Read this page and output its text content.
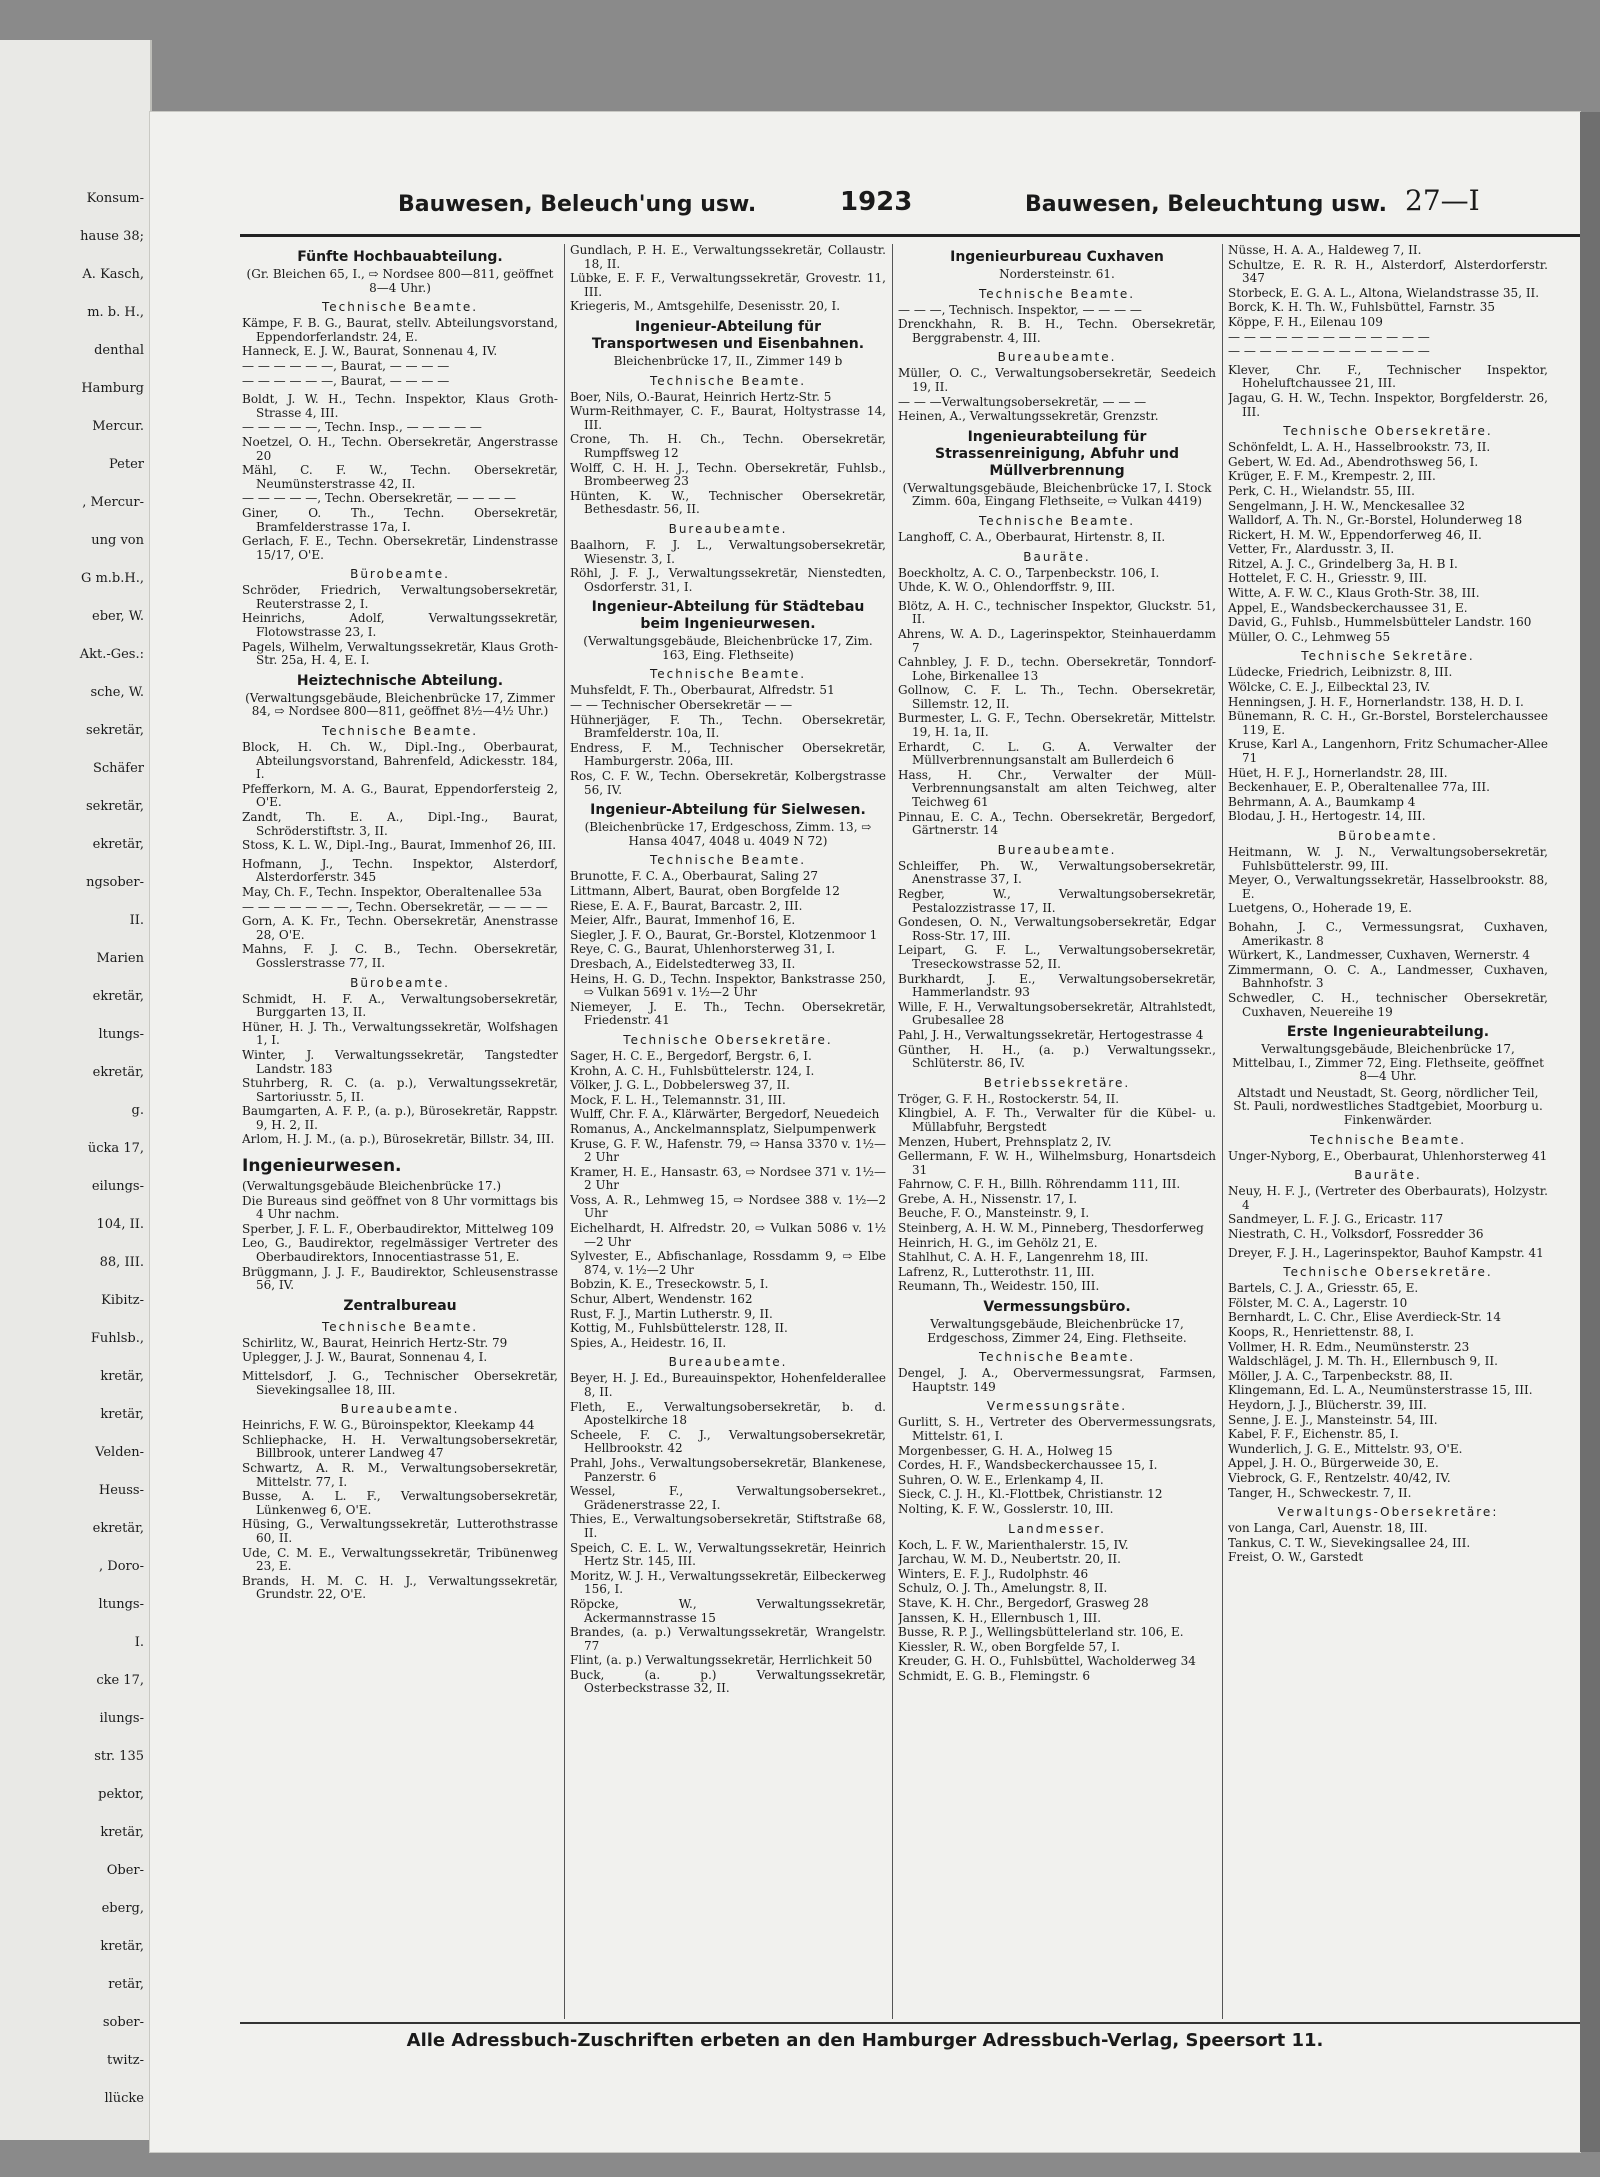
Konsum-
hause 38;
A. Kasch,
m. b. H.,
denthal
Hamburg
Mercur.
Peter
, Mercur-
ung von
G m.b.H.,
eber, W.
Akt.-Ges.:
sche, W.
sekretär,
Schäfer
sekretär,
ekretär,
ngsober-
II.
Marien
ekretär,
ltungs-
ekretär,
g.
ücka 17,
eilungs-
104, II.
88, III.
Kibitz-
Fuhlsb.,
kretär,
kretär,
Velden-
Heuss-
ekretär,
, Doro-
ltungs-
I.
cke 17,
ilungs-
str. 135
pektor,
kretär,
Ober-
eberg,
kretär,
retär,
sober-
twitz-
llücke
Bauwesen, Beleuch'ung usw.	1923	Bauwesen, Beleuchtung usw. 27—I
Fünfte Hochbauabteilung.
(Gr. Bleichen 65, I., ⇨ Nordsee 800—811, geöffnet 8—4 Uhr.)
Technische Beamte.
Kämpe, F. B. G., Baurat, stellv. Abteilungsvorstand, Eppendorferlandstr. 24, E.
Hanneck, E. J. W., Baurat, Sonnenau 4, IV.
— — — — — —, Baurat, — — — —
— — — — — —, Baurat, — — — —
Boldt, J. W. H., Techn. Inspektor, Klaus Groth-Strasse 4, III.
— — — — —, Techn. Insp., — — — — —
Noetzel, O. H., Techn. Obersekretär, Angerstrasse 20
Mähl, C. F. W., Techn. Obersekretär, Neumünsterstrasse 42, II.
— — — — —, Techn. Obersekretär, — — — —
Giner, O. Th., Techn. Obersekretär, Bramfelderstrasse 17a, I.
Gerlach, F. E., Techn. Obersekretär, Lindenstrasse 15/17, O'E.
Bürobeamte.
Schröder, Friedrich, Verwaltungsobersekretär, Reuterstrasse 2, I.
Heinrichs, Adolf, Verwaltungssekretär, Flotowstrasse 23, I.
Pagels, Wilhelm, Verwaltungssekretär, Klaus Groth-Str. 25a, H. 4, E. I.
Heiztechnische Abteilung.
(Verwaltungsgebäude, Bleichenbrücke 17, Zimmer 84, ⇨ Nordsee 800—811, geöffnet 8½—4½ Uhr.)
Technische Beamte.
Block, H. Ch. W., Dipl.-Ing., Oberbaurat, Abteilungsvorstand, Bahrenfeld, Adickesstr. 184, I.
Pfefferkorn, M. A. G., Baurat, Eppendorfersteig 2, O'E.
Zandt, Th. E. A., Dipl.-Ing., Baurat, Schröderstiftstr. 3, II.
Stoss, K. L. W., Dipl.-Ing., Baurat, Immenhof 26, III.
Hofmann, J., Techn. Inspektor, Alsterdorf, Alsterdorferstr. 345
May, Ch. F., Techn. Inspektor, Oberaltenallee 53a
— — — — — — —, Techn. Obersekretär, — — — —
Gorn, A. K. Fr., Techn. Obersekretär, Anenstrasse 28, O'E.
Mahns, F. J. C. B., Techn. Obersekretär, Gosslerstrasse 77, II.
Bürobeamte.
Schmidt, H. F. A., Verwaltungsobersekretär, Burggarten 13, II.
Hüner, H. J. Th., Verwaltungssekretär, Wolfshagen 1, I.
Winter, J. Verwaltungssekretär, Tangstedter Landstr. 183
Stuhrberg, R. C. (a. p.), Verwaltungssekretär, Sartoriusstr. 5, II.
Baumgarten, A. F. P., (a. p.), Bürosekretär, Rappstr. 9, H. 2, II.
Arlom, H. J. M., (a. p.), Bürosekretär, Billstr. 34, III.
Ingenieurwesen.
(Verwaltungsgebäude Bleichenbrücke 17.)
Die Bureaus sind geöffnet von 8 Uhr vormittags bis 4 Uhr nachm.
Sperber, J. F. L. F., Oberbaudirektor, Mittelweg 109
Leo, G., Baudirektor, regelmässiger Vertreter des Oberbaudirektors, Innocentiastrasse 51, E.
Brüggmann, J. J. F., Baudirektor, Schleusenstrasse 56, IV.
Zentralbureau
Technische Beamte.
Schirlitz, W., Baurat, Heinrich Hertz-Str. 79
Uplegger, J. J. W., Baurat, Sonnenau 4, I.
Mittelsdorf, J. G., Technischer Obersekretär, Sievekingsallee 18, III.
Bureaubeamte.
Heinrichs, F. W. G., Büroinspektor, Kleekamp 44
Schliephacke, H. H. Verwaltungsobersekretär, Billbrook, unterer Landweg 47
Schwartz, A. R. M., Verwaltungsobersekretär, Mittelstr. 77, I.
Busse, A. L. F., Verwaltungsobersekretär, Lünkenweg 6, O'E.
Hüsing, G., Verwaltungssekretär, Lutterothstrasse 60, II.
Ude, C. M. E., Verwaltungssekretär, Tribünenweg 23, E.
Brands, H. M. C. H. J., Verwaltungssekretär, Grundstr. 22, O'E.
Gundlach, P. H. E., Verwaltungssekretär, Collaustr. 18, II.
Lübke, E. F. F., Verwaltungssekretär, Grovestr. 11, III.
Kriegeris, M., Amtsgehilfe, Desenisstr. 20, I.
Ingenieur-Abteilung für Transportwesen und Eisenbahnen.
Bleichenbrücke 17, II., Zimmer 149 b
Technische Beamte.
Boer, Nils, O.-Baurat, Heinrich Hertz-Str. 5
Wurm-Reithmayer, C. F., Baurat, Holtystrasse 14, III.
Crone, Th. H. Ch., Techn. Obersekretär, Rumpffsweg 12
Wolff, C. H. H. J., Techn. Obersekretär, Fuhlsb., Brombeerweg 23
Hünten, K. W., Technischer Obersekretär, Bethesdastr. 56, II.
Bureaubeamte.
Baalhorn, F. J. L., Verwaltungsobersekretär, Wiesenstr. 3, I.
Röhl, J. F. J., Verwaltungssekretär, Nienstedten, Osdorferstr. 31, I.
Ingenieur-Abteilung für Städtebau beim Ingenieurwesen.
(Verwaltungsgebäude, Bleichenbrücke 17, Zim. 163, Eing. Flethseite)
Technische Beamte.
Muhsfeldt, F. Th., Oberbaurat, Alfredstr. 51
— — Technischer Obersekretär — —
Hühnerjäger, F. Th., Techn. Obersekretär, Bramfelderstr. 10a, II.
Endress, F. M., Technischer Obersekretär, Hamburgerstr. 206a, III.
Ros, C. F. W., Techn. Obersekretär, Kolbergstrasse 56, IV.
Ingenieur-Abteilung für Sielwesen.
(Bleichenbrücke 17, Erdgeschoss, Zimm. 13, ⇨ Hansa 4047, 4048 u. 4049 N 72)
Technische Beamte.
Brunotte, F. C. A., Oberbaurat, Saling 27
Littmann, Albert, Baurat, oben Borgfelde 12
Riese, E. A. F., Baurat, Barcastr. 2, III.
Meier, Alfr., Baurat, Immenhof 16, E.
Siegler, J. F. O., Baurat, Gr.-Borstel, Klotzenmoor 1
Reye, C. G., Baurat, Uhlenhorsterweg 31, I.
Dresbach, A., Eidelstedterweg 33, II.
Heins, H. G. D., Techn. Inspektor, Bankstrasse 250, ⇨ Vulkan 5691 v. 1½—2 Uhr
Niemeyer, J. E. Th., Techn. Obersekretär, Friedenstr. 41
Technische Obersekretäre.
Sager, H. C. E., Bergedorf, Bergstr. 6, I.
Krohn, A. C. H., Fuhlsbüttelerstr. 124, I.
Völker, J. G. L., Dobbelersweg 37, II.
Mock, F. L. H., Telemannstr. 31, III.
Wulff, Chr. F. A., Klärwärter, Bergedorf, Neuedeich
Romanus, A., Anckelmannsplatz, Sielpumpenwerk
Kruse, G. F. W., Hafenstr. 79, ⇨ Hansa 3370 v. 1½—2 Uhr
Kramer, H. E., Hansastr. 63, ⇨ Nordsee 371 v. 1½—2 Uhr
Voss, A. R., Lehmweg 15, ⇨ Nordsee 388 v. 1½—2 Uhr
Eichelhardt, H. Alfredstr. 20, ⇨ Vulkan 5086 v. 1½—2 Uhr
Sylvester, E., Abfischanlage, Rossdamm 9, ⇨ Elbe 874, v. 1½—2 Uhr
Bobzin, K. E., Treseckowstr. 5, I.
Schur, Albert, Wendenstr. 162
Rust, F. J., Martin Lutherstr. 9, II.
Kottig, M., Fuhlsbüttelerstr. 128, II.
Spies, A., Heidestr. 16, II.
Bureaubeamte.
Beyer, H. J. Ed., Bureauinspektor, Hohenfelderallee 8, II.
Fleth, E., Verwaltungsobersekretär, b. d. Apostelkirche 18
Scheele, F. C. J., Verwaltungsobersekretär, Hellbrookstr. 42
Prahl, Johs., Verwaltungsobersekretär, Blankenese, Panzerstr. 6
Wessel, F., Verwaltungsobersekret., Grädenerstrasse 22, I.
Thies, E., Verwaltungsobersekretär, Stiftstraße 68, II.
Speich, C. E. L. W., Verwaltungssekretär, Heinrich Hertz Str. 145, III.
Moritz, W. J. H., Verwaltungssekretär, Eilbeckerweg 156, I.
Röpcke, W., Verwaltungssekretär, Ackermannstrasse 15
Brandes, (a. p.) Verwaltungssekretär, Wrangelstr. 77
Flint, (a. p.) Verwaltungssekretär, Herrlichkeit 50
Buck, (a. p.) Verwaltungssekretär, Osterbeckstrasse 32, II.
Ingenieurbureau Cuxhaven
Nordersteinstr. 61.
Technische Beamte.
— — —, Technisch. Inspektor, — — — —
Drenckhahn, R. B. H., Techn. Obersekretär, Berggrabenstr. 4, III.
Bureaubeamte.
Müller, O. C., Verwaltungsobersekretär, Seedeich 19, II.
— — —Verwaltungsobersekretär, — — —
Heinen, A., Verwaltungssekretär, Grenzstr.
Ingenieurabteilung für Strassenreinigung, Abfuhr und Müllverbrennung
(Verwaltungsgebäude, Bleichenbrücke 17, I. Stock Zimm. 60a, Eingang Flethseite, ⇨ Vulkan 4419)
Technische Beamte.
Langhoff, C. A., Oberbaurat, Hirtenstr. 8, II.
Bauräte.
Boeckholtz, A. C. O., Tarpenbeckstr. 106, I.
Uhde, K. W. O., Ohlendorffstr. 9, III.
Blötz, A. H. C., technischer Inspektor, Gluckstr. 51, II.
Ahrens, W. A. D., Lagerinspektor, Steinhauerdamm 7
Cahnbley, J. F. D., techn. Obersekretär, Tonndorf-Lohe, Birkenallee 13
Gollnow, C. F. L. Th., Techn. Obersekretär, Sillemstr. 12, II.
Burmester, L. G. F., Techn. Obersekretär, Mittelstr. 19, H. 1a, II.
Erhardt, C. L. G. A. Verwalter der Müllverbrennungsanstalt am Bullerdeich 6
Hass, H. Chr., Verwalter der Müll-Verbrennungsanstalt am alten Teichweg, alter Teichweg 61
Pinnau, E. C. A., Techn. Obersekretär, Bergedorf, Gärtnerstr. 14
Bureaubeamte.
Schleiffer, Ph. W., Verwaltungsobersekretär, Anenstrasse 37, I.
Regber, W., Verwaltungsobersekretär, Pestalozzistrasse 17, II.
Gondesen, O. N., Verwaltungsobersekretär, Edgar Ross-Str. 17, III.
Leipart, G. F. L., Verwaltungsobersekretär, Treseckowstrasse 52, II.
Burkhardt, J. E., Verwaltungsobersekretär, Hammerlandstr. 93
Wille, F. H., Verwaltungsobersekretär, Altrahlstedt, Grubesallee 28
Pahl, J. H., Verwaltungssekretär, Hertogestrasse 4
Günther, H. H., (a. p.) Verwaltungssekr., Schlüterstr. 86, IV.
Betriebssekretäre.
Tröger, G. F. H., Rostockerstr. 54, II.
Klingbiel, A. F. Th., Verwalter für die Kübel- u. Müllabfuhr, Bergstedt
Menzen, Hubert, Prehnsplatz 2, IV.
Gellermann, F. W. H., Wilhelmsburg, Honartsdeich 31
Fahrnow, C. F. H., Billh. Röhrendamm 111, III.
Grebe, A. H., Nissenstr. 17, I.
Beuche, F. O., Mansteinstr. 9, I.
Steinberg, A. H. W. M., Pinneberg, Thesdorferweg
Heinrich, H. G., im Gehölz 21, E.
Stahlhut, C. A. H. F., Langenrehm 18, III.
Lafrenz, R., Lutterothstr. 11, III.
Reumann, Th., Weidestr. 150, III.
Vermessungsbüro.
Verwaltungsgebäude, Bleichenbrücke 17, Erdgeschoss, Zimmer 24, Eing. Flethseite.
Technische Beamte.
Dengel, J. A., Obervermessungsrat, Farmsen, Hauptstr. 149
Vermessungsräte.
Gurlitt, S. H., Vertreter des Obervermessungsrats, Mittelstr. 61, I.
Morgenbesser, G. H. A., Holweg 15
Cordes, H. F., Wandsbeckerchaussee 15, I.
Suhren, O. W. E., Erlenkamp 4, II.
Sieck, C. J. H., Kl.-Flottbek, Christianstr. 12
Nolting, K. F. W., Gosslerstr. 10, III.
Landmesser.
Koch, L. F. W., Marienthalerstr. 15, IV.
Jarchau, W. M. D., Neubertstr. 20, II.
Winters, E. F. J., Rudolphstr. 46
Schulz, O. J. Th., Amelungstr. 8, II.
Stave, K. H. Chr., Bergedorf, Grasweg 28
Janssen, K. H., Ellernbusch 1, III.
Busse, R. P. J., Wellingsbüttelerland str. 106, E.
Kiessler, R. W., oben Borgfelde 57, I.
Kreuder, G. H. O., Fuhlsbüttel, Wacholderweg 34
Schmidt, E. G. B., Flemingstr. 6
Nüsse, H. A. A., Haldeweg 7, II.
Schultze, E. R. R. H., Alsterdorf, Alsterdorferstr. 347
Storbeck, E. G. A. L., Altona, Wielandstrasse 35, II.
Borck, K. H. Th. W., Fuhlsbüttel, Farnstr. 35
Köppe, F. H., Eilenau 109
— — — — — — — — — — — — —
— — — — — — — — — — — — —
Klever, Chr. F., Technischer Inspektor, Hoheluftchaussee 21, III.
Jagau, G. H. W., Techn. Inspektor, Borgfelderstr. 26, III.
Technische Obersekretäre.
Schönfeldt, L. A. H., Hasselbrookstr. 73, II.
Gebert, W. Ed. Ad., Abendrothsweg 56, I.
Krüger, E. F. M., Krempestr. 2, III.
Perk, C. H., Wielandstr. 55, III.
Sengelmann, J. H. W., Menckesallee 32
Walldorf, A. Th. N., Gr.-Borstel, Holunderweg 18
Rickert, H. M. W., Eppendorferweg 46, II.
Vetter, Fr., Alardusstr. 3, II.
Ritzel, A. J. C., Grindelberg 3a, H. B I.
Hottelet, F. C. H., Griesstr. 9, III.
Witte, A. F. W. C., Klaus Groth-Str. 38, III.
Appel, E., Wandsbeckerchaussee 31, E.
David, G., Fuhlsb., Hummelsbütteler Landstr. 160
Müller, O. C., Lehmweg 55
Technische Sekretäre.
Lüdecke, Friedrich, Leibnizstr. 8, III.
Wölcke, C. E. J., Eilbecktal 23, IV.
Henningsen, J. H. F., Hornerlandstr. 138, H. D. I.
Bünemann, R. C. H., Gr.-Borstel, Borstelerchaussee 119, E.
Kruse, Karl A., Langenhorn, Fritz Schumacher-Allee 71
Hüet, H. F. J., Hornerlandstr. 28, III.
Beckenhauer, E. P., Oberaltenallee 77a, III.
Behrmann, A. A., Baumkamp 4
Blodau, J. H., Hertogestr. 14, III.
Bürobeamte.
Heitmann, W. J. N., Verwaltungsobersekretär, Fuhlsbüttelerstr. 99, III.
Meyer, O., Verwaltungssekretär, Hasselbrookstr. 88, E.
Luetgens, O., Hoherade 19, E.
Bohahn, J. C., Vermessungsrat, Cuxhaven, Amerikastr. 8
Würkert, K., Landmesser, Cuxhaven, Wernerstr. 4
Zimmermann, O. C. A., Landmesser, Cuxhaven, Bahnhofstr. 3
Schwedler, C. H., technischer Obersekretär, Cuxhaven, Neuereihe 19
Erste Ingenieurabteilung.
Verwaltungsgebäude, Bleichenbrücke 17, Mittelbau, I., Zimmer 72, Eing. Flethseite, geöffnet 8—4 Uhr.
Altstadt und Neustadt, St. Georg, nördlicher Teil, St. Pauli, nordwestliches Stadtgebiet, Moorburg u. Finkenwärder.
Technische Beamte.
Unger-Nyborg, E., Oberbaurat, Uhlenhorsterweg 41
Bauräte.
Neuy, H. F. J., (Vertreter des Oberbaurats), Holzystr. 4
Sandmeyer, L. F. J. G., Ericastr. 117
Niestrath, C. H., Volksdorf, Fossredder 36
Dreyer, F. J. H., Lagerinspektor, Bauhof Kampstr. 41
Technische Obersekretäre.
Bartels, C. J. A., Griesstr. 65, E.
Fölster, M. C. A., Lagerstr. 10
Bernhardt, L. C. Chr., Elise Averdieck-Str. 14
Koops, R., Henriettenstr. 88, I.
Vollmer, H. R. Edm., Neumünsterstr. 23
Waldschlägel, J. M. Th. H., Ellernbusch 9, II.
Möller, J. A. C., Tarpenbeckstr. 88, II.
Klingemann, Ed. L. A., Neumünsterstrasse 15, III.
Heydorn, J. J., Blücherstr. 39, III.
Senne, J. E. J., Mansteinstr. 54, III.
Kabel, F. F., Eichenstr. 85, I.
Wunderlich, J. G. E., Mittelstr. 93, O'E.
Appel, J. H. O., Bürgerweide 30, E.
Viebrock, G. F., Rentzelstr. 40/42, IV.
Tanger, H., Schweckestr. 7, II.
Verwaltungs-Obersekretäre:
von Langa, Carl, Auenstr. 18, III.
Tankus, C. T. W., Sievekingsallee 24, III.
Freist, O. W., Garstedt
Alle Adressbuch-Zuschriften erbeten an den Hamburger Adressbuch-Verlag, Speersort 11.
